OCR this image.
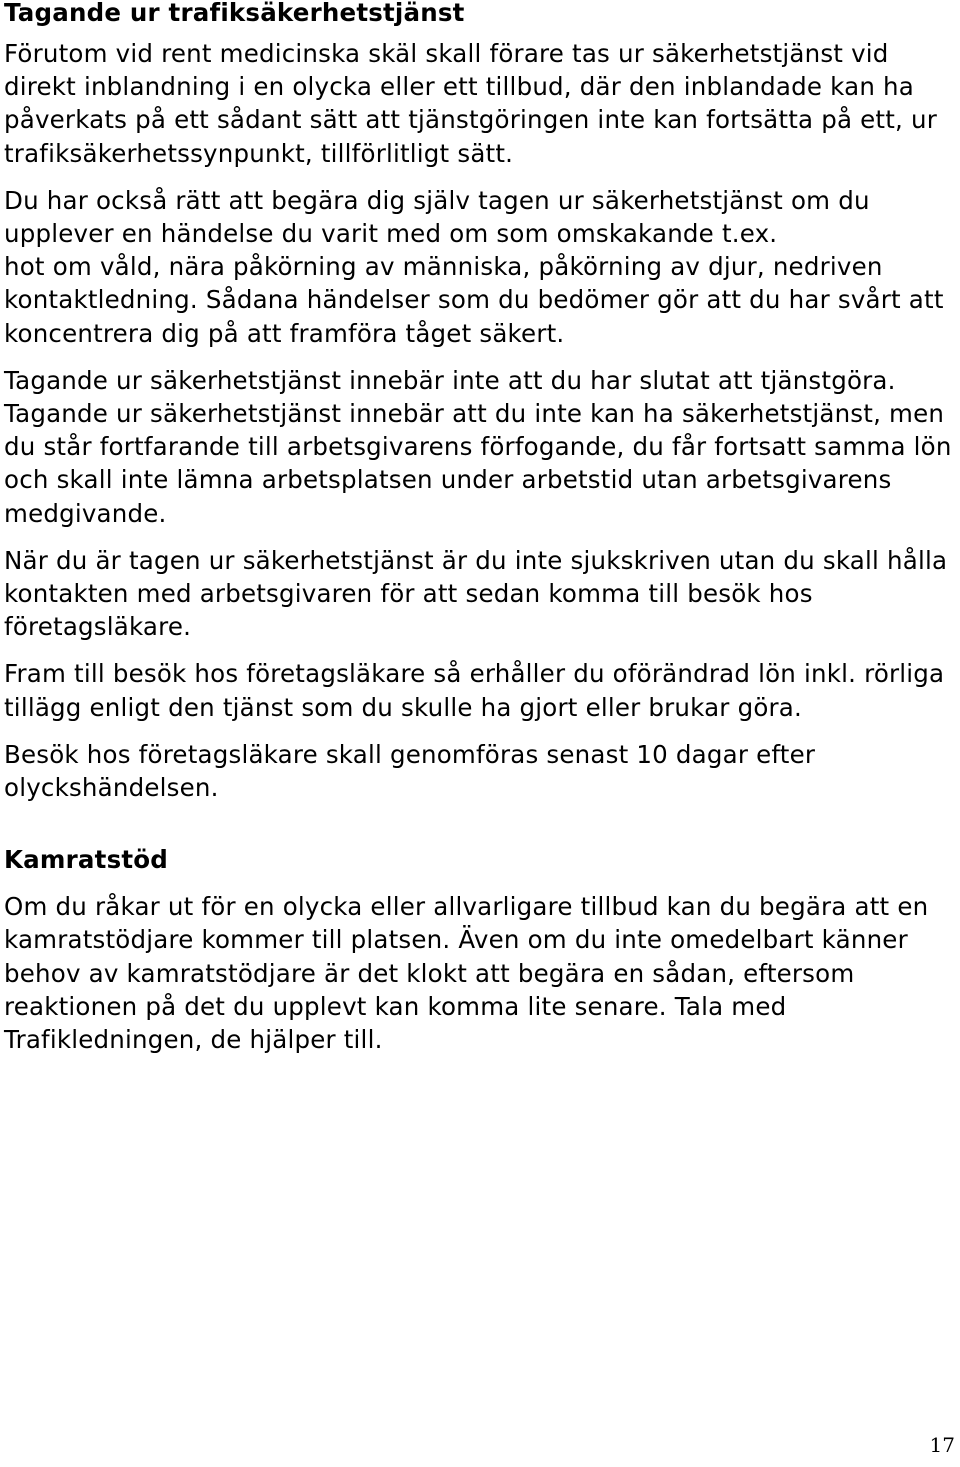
Tagande ur trafiksäkerhetstjänst

Förutom vid rent medicinska skäl skall förare tas ur säkerhetstjänst vid direkt inblandning i en olycka eller ett tillbud, där den inblandade kan ha påverkats på ett sådant sätt att tjänstgöringen inte kan fortsätta på ett, ur trafiksäkerhetssynpunkt, tillförlitligt sätt.

Du har också rätt att begära dig själv tagen ur säkerhetstjänst om du upplever en händelse du varit med om som omskakande t.ex.

hot om våld, nära påkörning av människa, påkörning av djur, nedriven kontaktledning. Sådana händelser som du bedömer gör att du har svårt att koncentrera dig på att framföra tåget säkert.

Tagande ur säkerhetstjänst innebär inte att du har slutat att tjänstgöra. Tagande ur säkerhetstjänst innebär att du inte kan ha säkerhetstjänst, men du står fortfarande till arbetsgivarens förfogande, du får fortsatt samma lön och skall inte lämna arbetsplatsen under arbetstid utan arbetsgivarens medgivande.

När du är tagen ur säkerhetstjänst är du inte sjukskriven utan du skall hålla kontakten med arbetsgivaren för att sedan komma till besök hos företagsläkare.

Fram till besök hos företagsläkare så erhåller du oförändrad lön inkl. rörliga tillägg enligt den tjänst som du skulle ha gjort eller brukar göra.

Besök hos företagsläkare skall genomföras senast 10 dagar efter olyckshändelsen.

Kamratstöd

Om du råkar ut för en olycka eller allvarligare tillbud kan du begära att en kamratstödjare kommer till platsen. Även om du inte omedelbart känner behov av kamratstödjare är det klokt att begära en sådan, eftersom reaktionen på det du upplevt kan komma lite senare. Tala med Trafikledningen, de hjälper till.

17
